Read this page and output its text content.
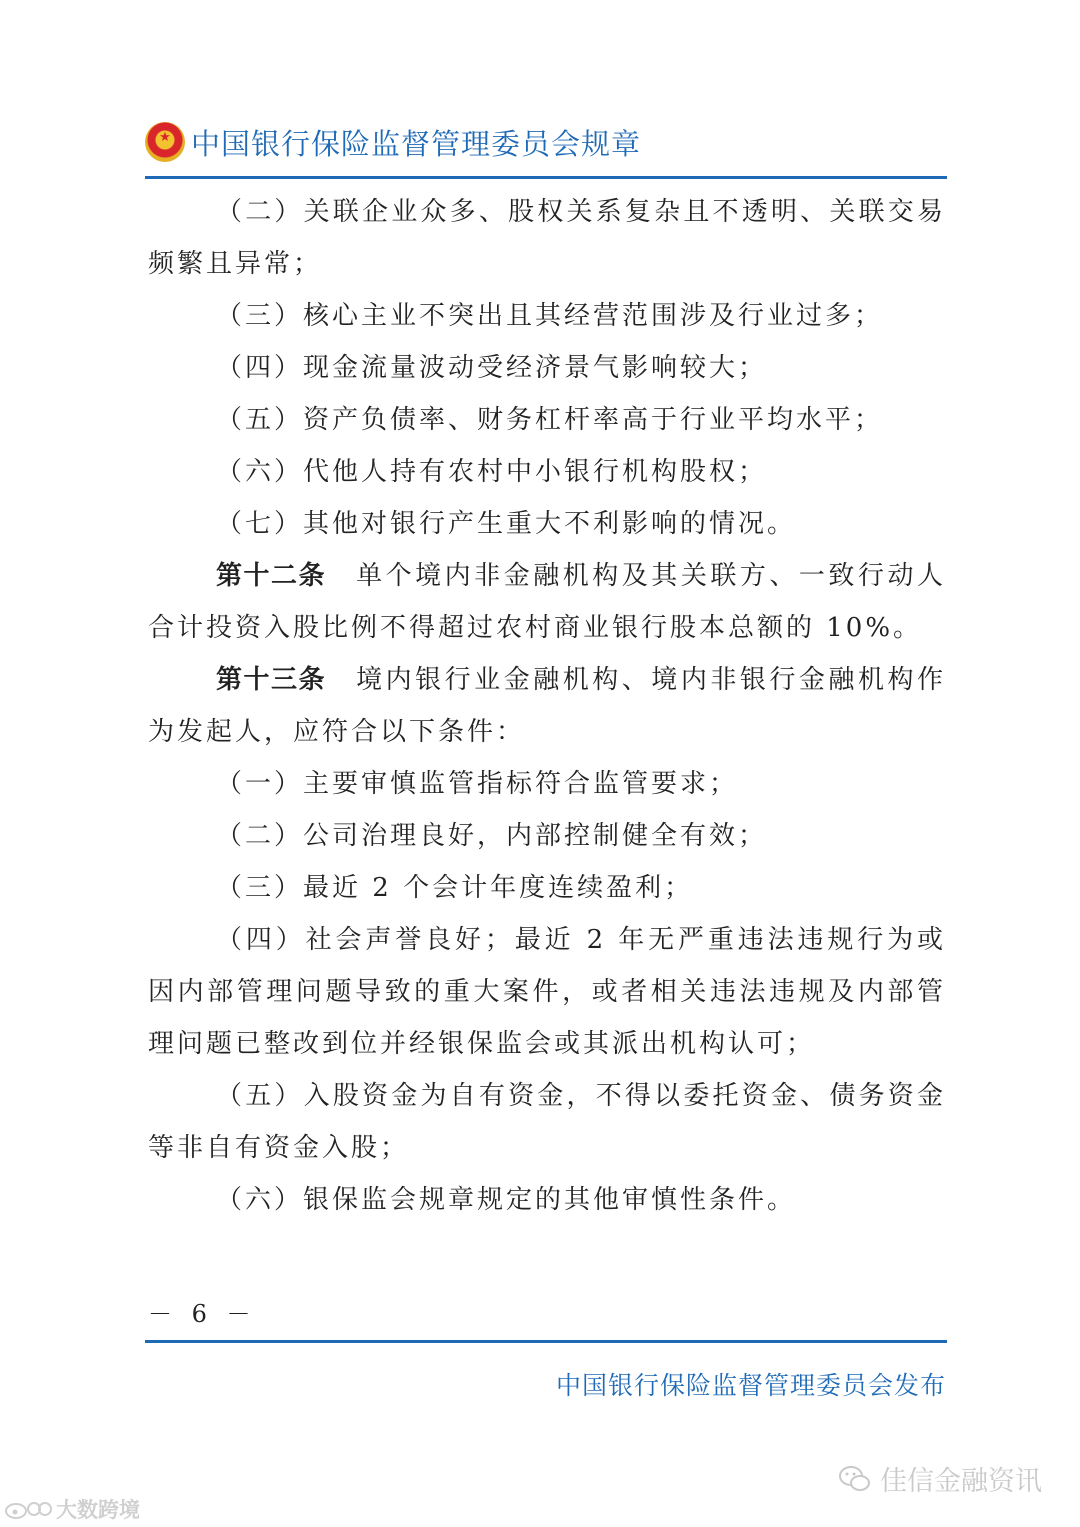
★
中国银行保险监督管理委员会规章

（二）关联企业众多、股权关系复杂且不透明、关联交易频繁且异常；

（三）核心主业不突出且其经营范围涉及行业过多；

（四）现金流量波动受经济景气影响较大；

（五）资产负债率、财务杠杆率高于行业平均水平；

（六）代他人持有农村中小银行机构股权；

（七）其他对银行产生重大不利影响的情况。

第十二条 单个境内非金融机构及其关联方、一致行动人合计投资入股比例不得超过农村商业银行股本总额的 10%。

第十三条 境内银行业金融机构、境内非银行金融机构作为发起人，应符合以下条件：

（一）主要审慎监管指标符合监管要求；

（二）公司治理良好，内部控制健全有效；

（三）最近 2 个会计年度连续盈利；

（四）社会声誉良好；最近 2 年无严重违法违规行为或因内部管理问题导致的重大案件，或者相关违法违规及内部管理问题已整改到位并经银保监会或其派出机构认可；

（五）入股资金为自有资金，不得以委托资金、债务资金等非自有资金入股；

（六）银保监会规章规定的其他审慎性条件。

－ 6 －
中国银行保险监督管理委员会发布
佳信金融资讯
大数跨境
